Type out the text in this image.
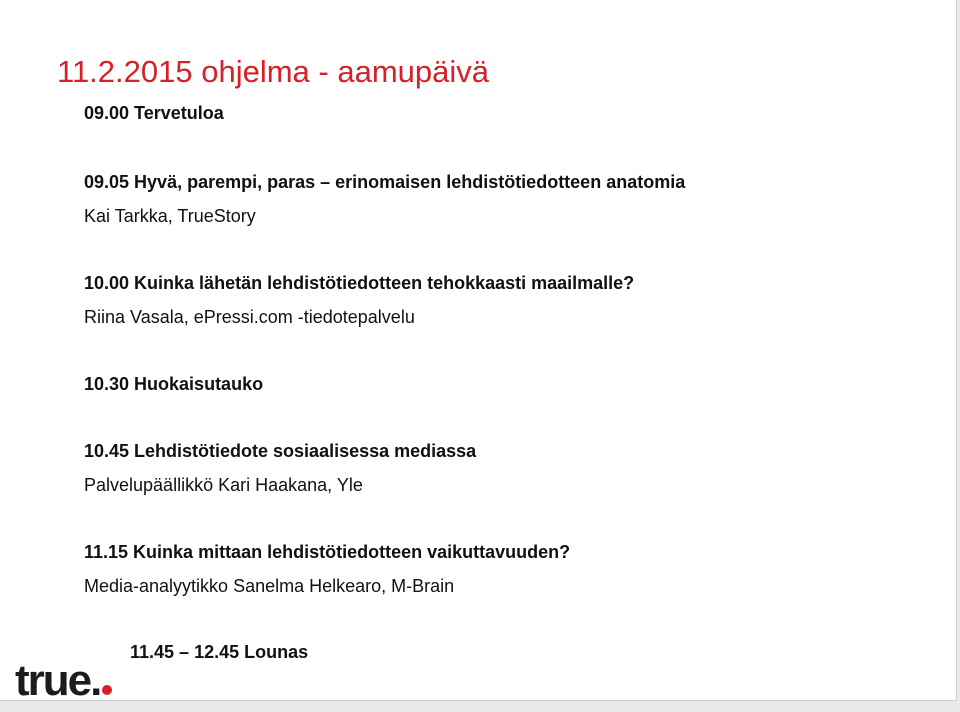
11.2.2015 ohjelma - aamupäivä
09.00 Tervetuloa
09.05 Hyvä, parempi, paras – erinomaisen lehdistötiedotteen anatomia
Kai Tarkka, TrueStory
10.00 Kuinka lähetän lehdistötiedotteen tehokkaasti maailmalle?
Riina Vasala, ePressi.com -tiedotepalvelu
10.30 Huokaisutauko
10.45 Lehdistötiedote sosiaalisessa mediassa
Palvelupäällikkö Kari Haakana, Yle
11.15 Kuinka mittaan lehdistötiedotteen vaikuttavuuden?
Media-analyytikko Sanelma Helkearo, M-Brain
11.45 – 12.45 Lounas
true.
